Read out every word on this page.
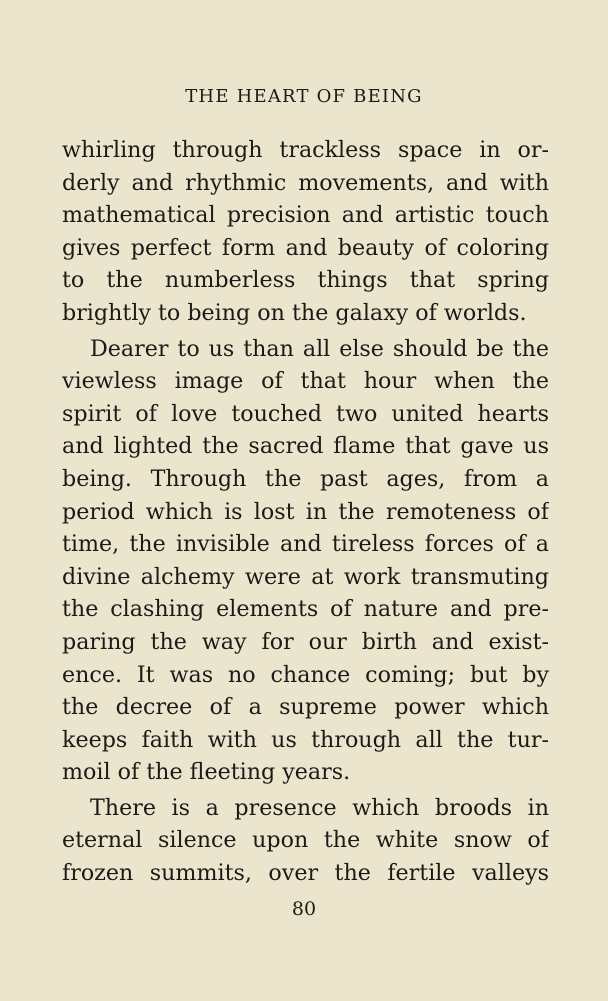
THE HEART OF BEING
whirling through trackless space in or-
derly and rhythmic movements, and with
mathematical precision and artistic touch
gives perfect form and beauty of coloring
to the numberless things that spring
brightly to being on the galaxy of worlds.
Dearer to us than all else should be the
viewless image of that hour when the
spirit of love touched two united hearts
and lighted the sacred flame that gave us
being. Through the past ages, from a
period which is lost in the remoteness of
time, the invisible and tireless forces of a
divine alchemy were at work transmuting
the clashing elements of nature and pre-
paring the way for our birth and exist-
ence. It was no chance coming; but by
the decree of a supreme power which
keeps faith with us through all the tur-
moil of the fleeting years.
There is a presence which broods in
eternal silence upon the white snow of
frozen summits, over the fertile valleys
80
